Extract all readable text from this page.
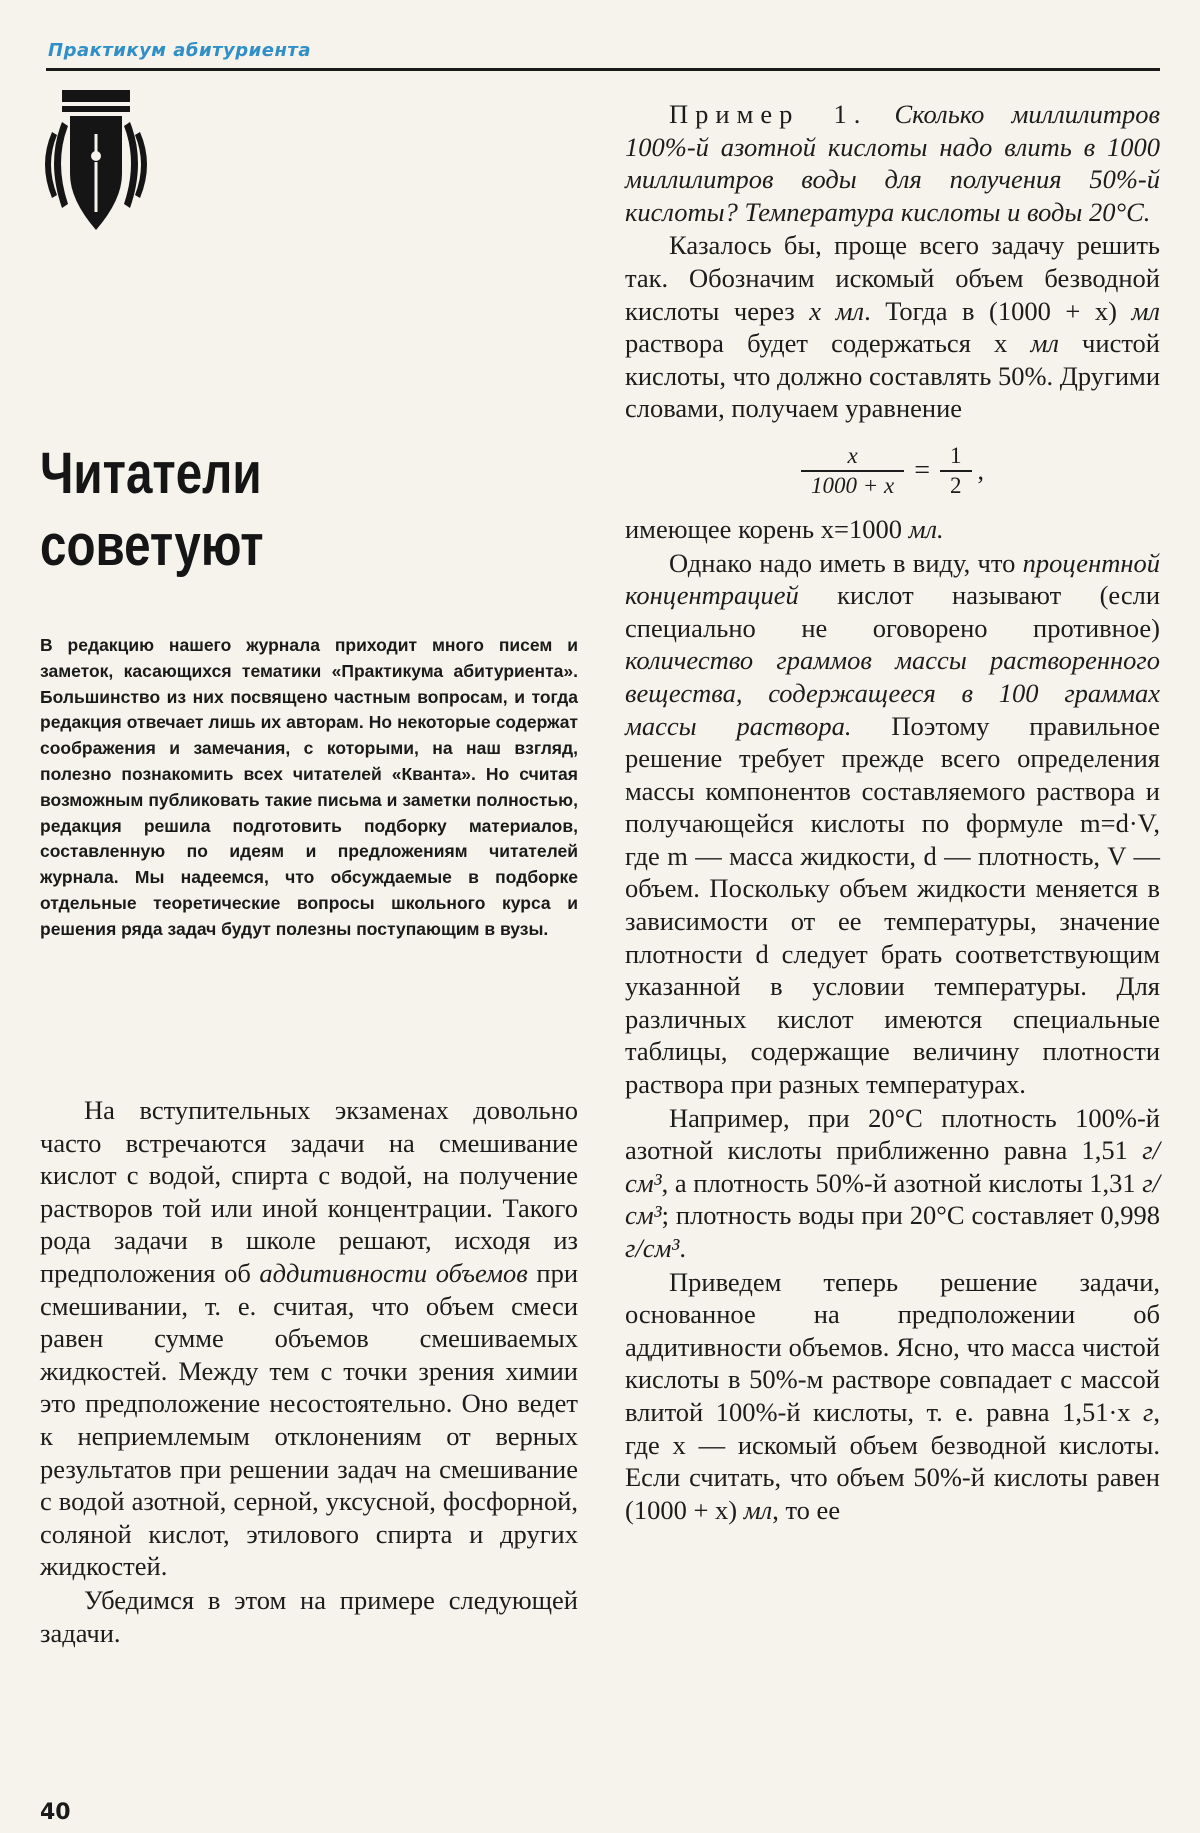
Практикум абитуриента
Читатели
советуют
В редакцию нашего журнала приходит много писем и заметок, касающихся тематики «Практикума абитуриента». Большинство из них посвящено частным вопросам, и тогда редакция отвечает лишь их авторам. Но некоторые содержат соображения и замечания, с которыми, на наш взгляд, полезно познакомить всех читателей «Кванта». Но считая возможным публиковать такие письма и заметки полностью, редакция решила подготовить подборку материалов, составленную по идеям и предложениям читателей журнала. Мы надеемся, что обсуждаемые в подборке отдельные теоретические вопросы школьного курса и решения ряда задач будут полезны поступающим в вузы.

На вступительных экзаменах довольно часто встречаются задачи на смешивание кислот с водой, спирта с водой, на получение растворов той или иной концентрации. Такого рода задачи в школе решают, исходя из предположения об аддитивности объемов при смешивании, т. е. считая, что объем смеси равен сумме объемов смешиваемых жидкостей. Между тем с точки зрения химии это предположение несостоятельно. Оно ведет к неприемлемым отклонениям от верных результатов при решении задач на смешивание с водой азотной, серной, уксусной, фосфорной, соляной кислот, этилового спирта и других жидкостей.

Убедимся в этом на примере следующей задачи.

Пример 1. Сколько миллилитров 100%-й азотной кислоты надо влить в 1000 миллилитров воды для получения 50%-й кислоты? Температура кислоты и воды 20°C.

Казалось бы, проще всего задачу решить так. Обозначим искомый объем безводной кислоты через x мл. Тогда в (1000 + x) мл раствора будет содержаться x мл чистой кислоты, что должно составлять 50%. Другими словами, получаем уравнение

$\frac{x}{1000 + x} = \frac{1}{2}$ ,

имеющее корень x=1000 мл.

Однако надо иметь в виду, что процентной концентрацией кислот называют (если специально не оговорено противное) количество граммов массы растворенного вещества, содержащееся в 100 граммах массы раствора. Поэтому правильное решение требует прежде всего определения массы компонентов составляемого раствора и получающейся кислоты по формуле m=d·V, где m — масса жидкости, d — плотность, V — объем. Поскольку объем жидкости меняется в зависимости от ее температуры, значение плотности d следует брать соответствующим указанной в условии температуры. Для различных кислот имеются специальные таблицы, содержащие величину плотности раствора при разных температурах.

Например, при 20°C плотность 100%-й азотной кислоты приближенно равна 1,51 г/см³, а плотность 50%-й азотной кислоты 1,31 г/см³; плотность воды при 20°C составляет 0,998 г/см³.

Приведем теперь решение задачи, основанное на предположении об аддитивности объемов. Ясно, что масса чистой кислоты в 50%-м растворе совпадает с массой влитой 100%-й кислоты, т. е. равна 1,51·x г, где x — искомый объем безводной кислоты. Если считать, что объем 50%-й кислоты равен (1000 + x) мл, то ее

40
